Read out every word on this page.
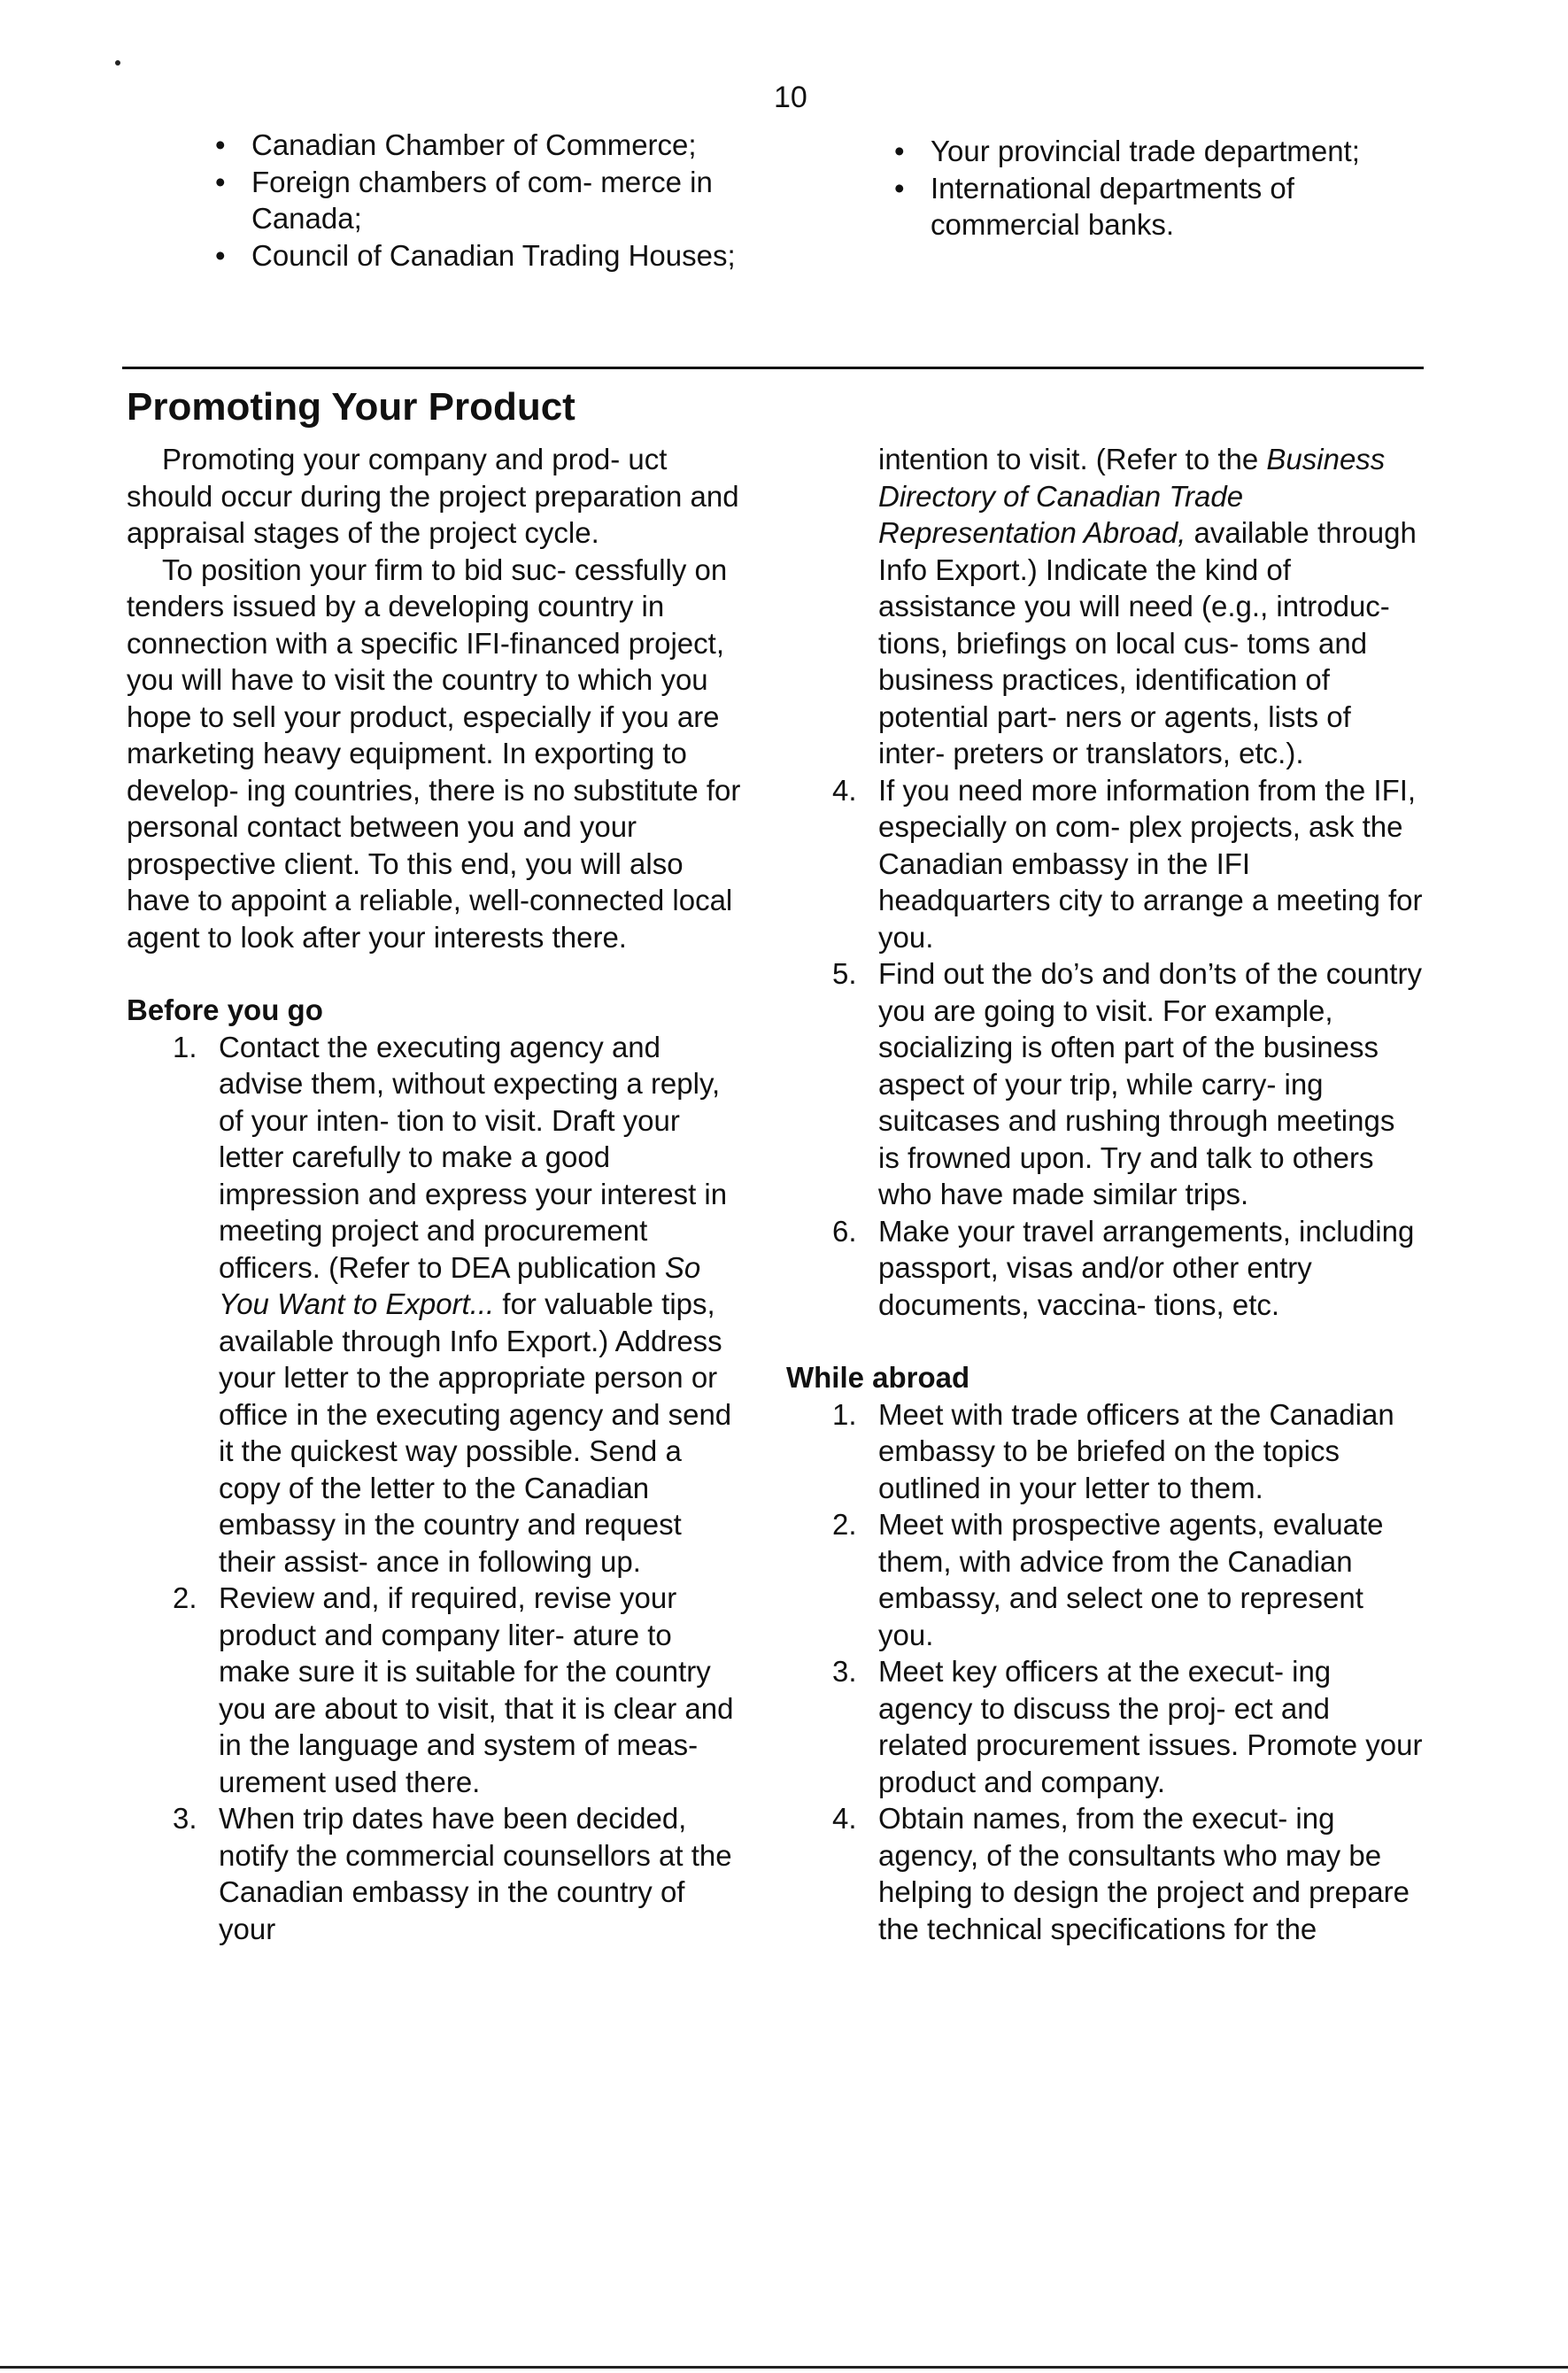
10
• Canadian Chamber of Commerce;
• Foreign chambers of com- merce in Canada;
• Council of Canadian Trading Houses;
• Your provincial trade department;
• International departments of commercial banks.
Promoting Your Product

Promoting your company and prod- uct should occur during the project preparation and appraisal stages of the project cycle.

To position your firm to bid suc- cessfully on tenders issued by a developing country in connection with a specific IFI-financed project, you will have to visit the country to which you hope to sell your product, especially if you are marketing heavy equipment. In exporting to develop- ing countries, there is no substitute for personal contact between you and your prospective client. To this end, you will also have to appoint a reliable, well-connected local agent to look after your interests there.

Before you go

1. Contact the executing agency and advise them, without expecting a reply, of your inten- tion to visit. Draft your letter carefully to make a good impression and express your interest in meeting project and procurement officers. (Refer to DEA publication So You Want to Export... for valuable tips, available through Info Export.) Address your letter to the appropriate person or office in the executing agency and send it the quickest way possible. Send a copy of the letter to the Canadian embassy in the country and request their assist- ance in following up.
2. Review and, if required, revise your product and company liter- ature to make sure it is suitable for the country you are about to visit, that it is clear and in the language and system of meas- urement used there.
3. When trip dates have been decided, notify the commercial counsellors at the Canadian embassy in the country of your
intention to visit. (Refer to the Business Directory of Canadian Trade Representation Abroad, available through Info Export.) Indicate the kind of assistance you will need (e.g., introduc- tions, briefings on local cus- toms and business practices, identification of potential part- ners or agents, lists of inter- preters or translators, etc.).
4. If you need more information from the IFI, especially on com- plex projects, ask the Canadian embassy in the IFI headquarters city to arrange a meeting for you.
5. Find out the do’s and don’ts of the country you are going to visit. For example, socializing is often part of the business aspect of your trip, while carry- ing suitcases and rushing through meetings is frowned upon. Try and talk to others who have made similar trips.
6. Make your travel arrangements, including passport, visas and/or other entry documents, vaccina- tions, etc.

While abroad

1. Meet with trade officers at the Canadian embassy to be briefed on the topics outlined in your letter to them.
2. Meet with prospective agents, evaluate them, with advice from the Canadian embassy, and select one to represent you.
3. Meet key officers at the execut- ing agency to discuss the proj- ect and related procurement issues. Promote your product and company.
4. Obtain names, from the execut- ing agency, of the consultants who may be helping to design the project and prepare the technical specifications for the
